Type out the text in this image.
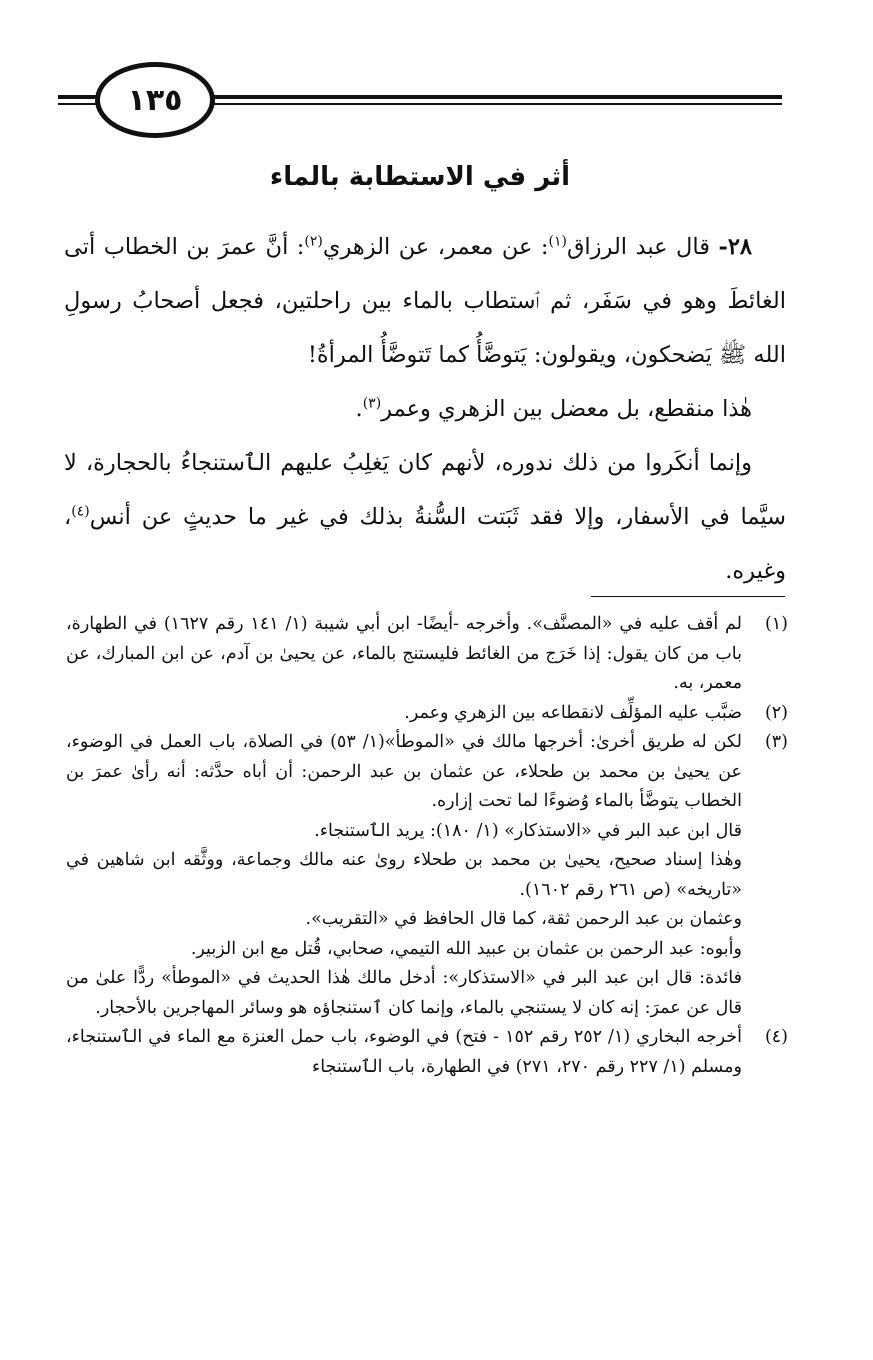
١٣٥
أثر في الاستطابة بالماء

٢٨- قال عبد الرزاق$^{(١)}$: عن معمر، عن الزهري$^{(٢)}$: أنَّ عمرَ بن الخطاب أتى الغائطَ وهو في سَفَر، ثم ٱستطاب بالماء بين راحلتين، فجعل أصحابُ رسولِ الله ﷺ يَضحكون، ويقولون: يَتوضَّأُ كما تَتوضَّأُ المرأةُ!

هٰذا منقطع، بل معضل بين الزهري وعمر$^{(٣)}$.

وإنما أنكَروا من ذلك ندوره، لأنهم كان يَغلِبُ عليهم الٱستنجاءُ بالحجارة، لا سيَّما في الأسفار، وإلا فقد ثَبَتت السُّنةُ بذلك في غير ما حديثٍ عن أنس$^{(٤)}$، وغيره.

(١)

لم أقف عليه في «المصنَّف». وأخرجه -أيضًا- ابن أبي شيبة (١/ ١٤١ رقم ١٦٢٧) في الطهارة، باب من كان يقول: إذا خَرَج من الغائط فليستنج بالماء، عن يحيىٰ بن آدم، عن ابن المبارك، عن معمر، به.

(٢)

ضبَّب عليه المؤلِّف لانقطاعه بين الزهري وعمر.

(٣)

لكن له طريق أخرىٰ: أخرجها مالك في «الموطأ»(١/ ٥٣) في الصلاة، باب العمل في الوضوء، عن يحيىٰ بن محمد بن طحلاء، عن عثمان بن عبد الرحمن: أن أباه حدَّثه: أنه رأىٰ عمرَ بن الخطاب يتوضَّأ بالماء وُضوءًا لما تحت إزاره.

قال ابن عبد البر في «الاستذكار» (١/ ١٨٠): يريد الٱستنجاء.

وهٰذا إسناد صحيح، يحيىٰ بن محمد بن طحلاء روىٰ عنه مالك وجماعة، ووثَّقه ابن شاهين في «تاريخه» (ص ٢٦١ رقم ١٦٠٢).

وعثمان بن عبد الرحمن ثقة، كما قال الحافظ في «التقريب».

وأبوه: عبد الرحمن بن عثمان بن عبيد الله التيمي، صحابي، قُتل مع ابن الزبير.

فائدة: قال ابن عبد البر في «الاستذكار»: أدخل مالك هٰذا الحديث في «الموطأ» ردًّا علىٰ من قال عن عمرَ: إنه كان لا يستنجي بالماء، وإنما كان ٱستنجاؤه هو وسائر المهاجرين بالأحجار.

(٤)

أخرجه البخاري (١/ ٢٥٢ رقم ١٥٢ - فتح) في الوضوء، باب حمل العنزة مع الماء في الٱستنجاء، ومسلم (١/ ٢٢٧ رقم ٢٧٠، ٢٧١) في الطهارة، باب الٱستنجاء
